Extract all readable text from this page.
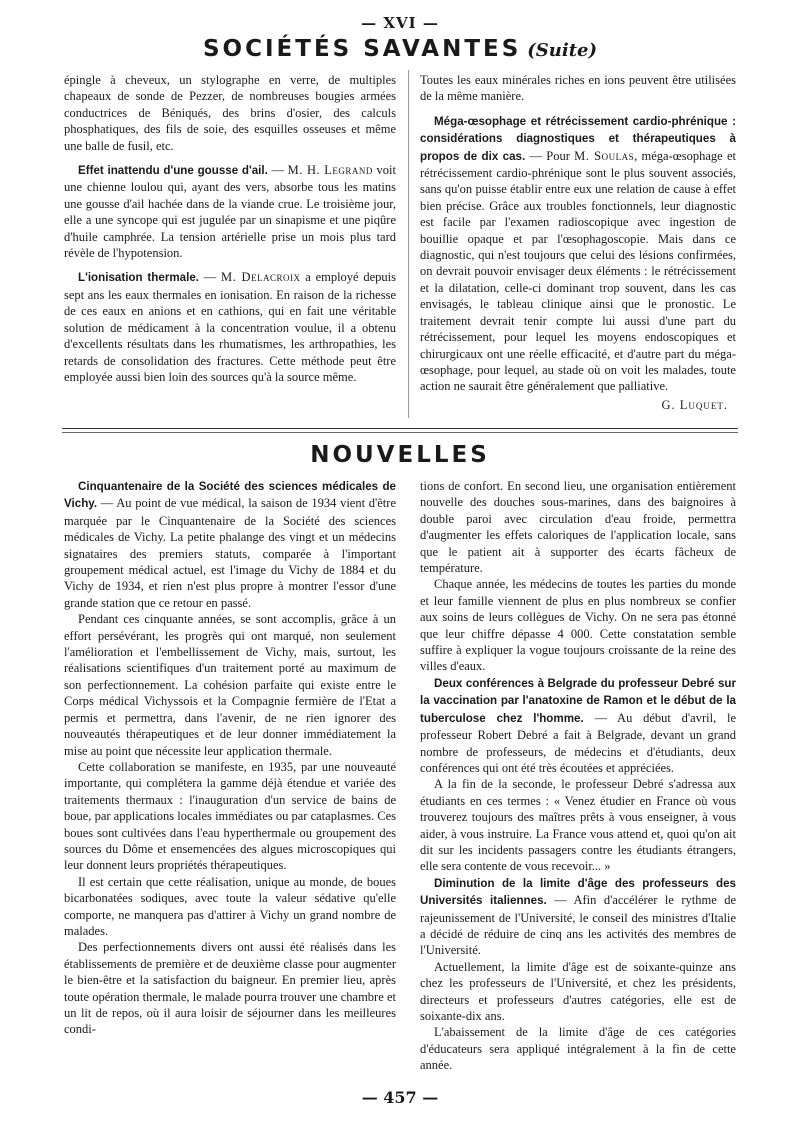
— XVI —
SOCIÉTÉS SAVANTES (Suite)

épingle à cheveux, un stylographe en verre, de multiples chapeaux de sonde de Pezzer, de nombreuses bougies armées conductrices de Béniqués, des brins d'osier, des calculs phosphatiques, des fils de soie, des esquilles osseuses et même une balle de fusil, etc.

Effet inattendu d'une gousse d'ail. — M. H. Legrand voit une chienne loulou qui, ayant des vers, absorbe tous les matins une gousse d'ail hachée dans de la viande crue. Le troisième jour, elle a une syncope qui est jugulée par un sinapisme et une piqûre d'huile camphrée. La tension artérielle prise un mois plus tard révèle de l'hypotension.

L'ionisation thermale. — M. Delacroix a employé depuis sept ans les eaux thermales en ionisation. En raison de la richesse de ces eaux en anions et en cathions, qui en fait une véritable solution de médicament à la concentration voulue, il a obtenu d'excellents résultats dans les rhumatismes, les arthropathies, les retards de consolidation des fractures. Cette méthode peut être employée aussi bien loin des sources qu'à la source même.

Toutes les eaux minérales riches en ions peuvent être utilisées de la même manière.

Méga-œsophage et rétrécissement cardio-phrénique : considérations diagnostiques et thérapeutiques à propos de dix cas. — Pour M. Soulas, méga-œsophage et rétrécissement cardio-phrénique sont le plus souvent associés, sans qu'on puisse établir entre eux une relation de cause à effet bien précise. Grâce aux troubles fonctionnels, leur diagnostic est facile par l'examen radioscopique avec ingestion de bouillie opaque et par l'œsophagoscopie. Mais dans ce diagnostic, qui n'est toujours que celui des lésions confirmées, on devrait pouvoir envisager deux éléments : le rétrécissement et la dilatation, celle-ci dominant trop souvent, dans les cas envisagés, le tableau clinique ainsi que le pronostic. Le traitement devrait tenir compte lui aussi d'une part du rétrécissement, pour lequel les moyens endoscopiques et chirurgicaux ont une réelle efficacité, et d'autre part du méga-œsophage, pour lequel, au stade où on voit les malades, toute action ne saurait être généralement que palliative.

G. Luquet.
NOUVELLES

Cinquantenaire de la Société des sciences médicales de Vichy. — Au point de vue médical, la saison de 1934 vient d'être marquée par le Cinquantenaire de la Société des sciences médicales de Vichy. La petite phalange des vingt et un médecins signataires des premiers statuts, comparée à l'important groupement médical actuel, est l'image du Vichy de 1884 et du Vichy de 1934, et rien n'est plus propre à montrer l'essor d'une grande station que ce retour en passé.

Pendant ces cinquante années, se sont accomplis, grâce à un effort persévérant, les progrès qui ont marqué, non seulement l'amélioration et l'embellissement de Vichy, mais, surtout, les réalisations scientifiques d'un traitement porté au maximum de son perfectionnement. La cohésion parfaite qui existe entre le Corps médical Vichyssois et la Compagnie fermière de l'Etat a permis et permettra, dans l'avenir, de ne rien ignorer des nouveautés thérapeutiques et de leur donner immédiatement la mise au point que nécessite leur application thermale.

Cette collaboration se manifeste, en 1935, par une nouveauté importante, qui complétera la gamme déjà étendue et variée des traitements thermaux : l'inauguration d'un service de bains de boue, par applications locales immédiates ou par cataplasmes. Ces boues sont cultivées dans l'eau hyperthermale ou groupement des sources du Dôme et ensemencées des algues microscopiques qui leur donnent leurs propriétés thérapeutiques.

Il est certain que cette réalisation, unique au monde, de boues bicarbonatées sodiques, avec toute la valeur sédative qu'elle comporte, ne manquera pas d'attirer à Vichy un grand nombre de malades.

Des perfectionnements divers ont aussi été réalisés dans les établissements de première et de deuxième classe pour augmenter le bien-être et la satisfaction du baigneur. En premier lieu, après toute opération thermale, le malade pourra trouver une chambre et un lit de repos, où il aura loisir de séjourner dans les meilleures condi-

tions de confort. En second lieu, une organisation entièrement nouvelle des douches sous-marines, dans des baignoires à double paroi avec circulation d'eau froide, permettra d'augmenter les effets caloriques de l'application locale, sans que le patient ait à supporter des écarts fâcheux de température.

Chaque année, les médecins de toutes les parties du monde et leur famille viennent de plus en plus nombreux se confier aux soins de leurs collègues de Vichy. On ne sera pas étonné que leur chiffre dépasse 4 000. Cette constatation semble suffire à expliquer la vogue toujours croissante de la reine des villes d'eaux.

Deux conférences à Belgrade du professeur Debré sur la vaccination par l'anatoxine de Ramon et le début de la tuberculose chez l'homme. — Au début d'avril, le professeur Robert Debré a fait à Belgrade, devant un grand nombre de professeurs, de médecins et d'étudiants, deux conférences qui ont été très écoutées et appréciées.

A la fin de la seconde, le professeur Debré s'adressa aux étudiants en ces termes : « Venez étudier en France où vous trouverez toujours des maîtres prêts à vous enseigner, à vous aider, à vous instruire. La France vous attend et, quoi qu'on ait dit sur les incidents passagers contre les étudiants étrangers, elle sera contente de vous recevoir... »

Diminution de la limite d'âge des professeurs des Universités italiennes. — Afin d'accélérer le rythme de rajeunissement de l'Université, le conseil des ministres d'Italie a décidé de réduire de cinq ans les activités des membres de l'Université.

Actuellement, la limite d'âge est de soixante-quinze ans chez les professeurs de l'Université, et chez les présidents, directeurs et professeurs d'autres catégories, elle est de soixante-dix ans.

L'abaissement de la limite d'âge de ces catégories d'éducateurs sera appliqué intégralement à la fin de cette année.

— 457 —
